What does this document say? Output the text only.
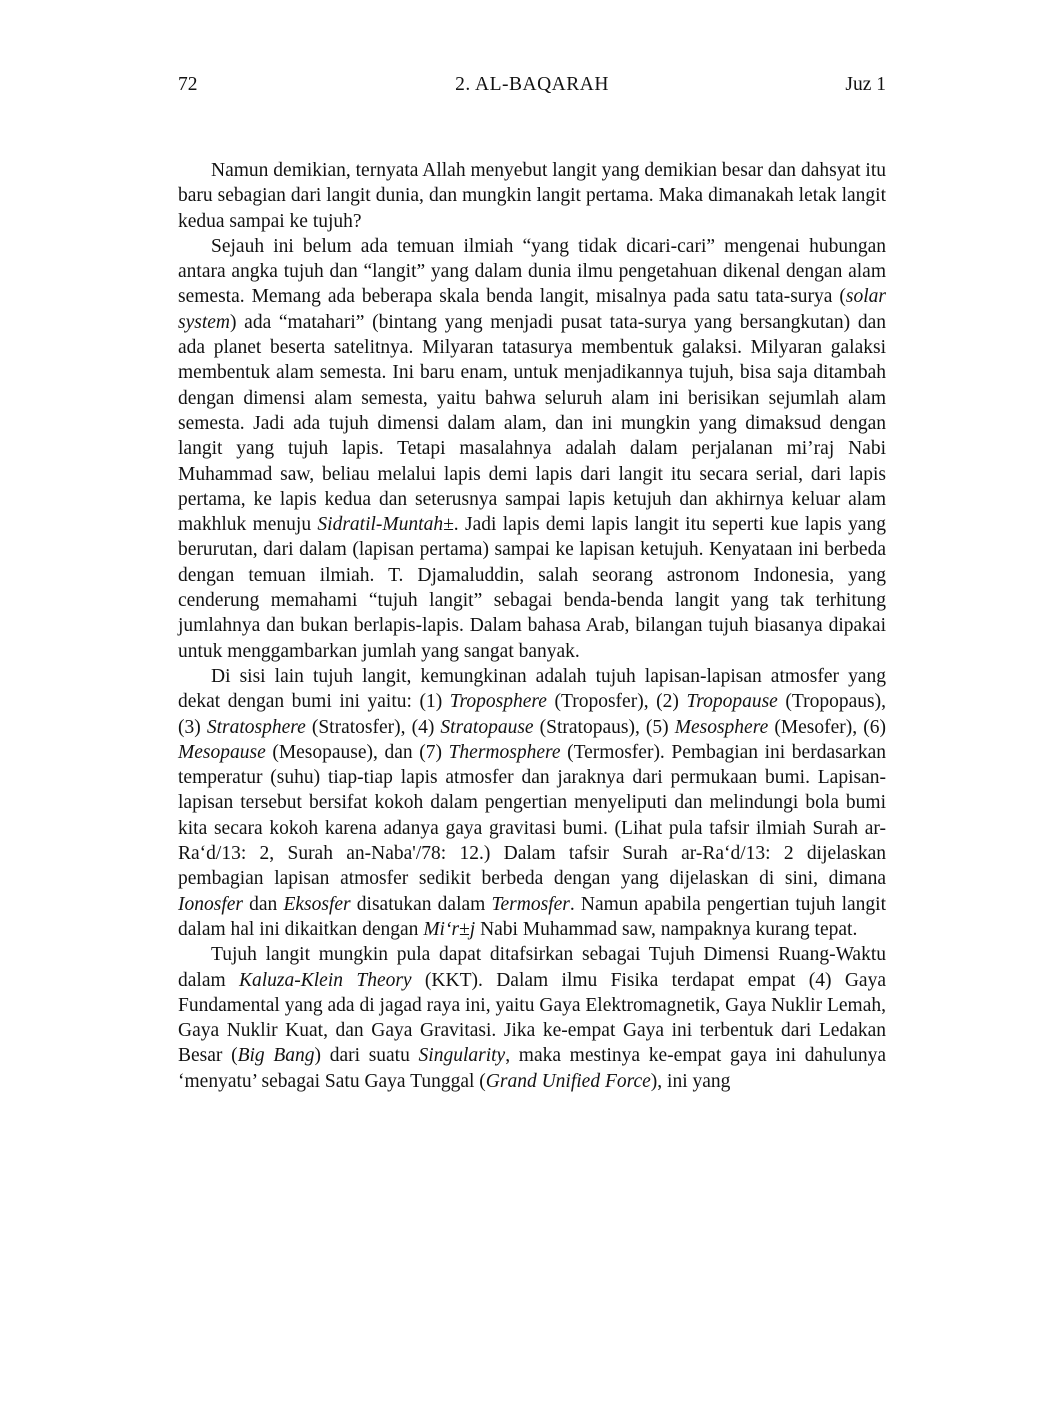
72	2. AL-BAQARAH	Juz 1

Namun demikian, ternyata Allah menyebut langit yang demikian besar dan dahsyat itu baru sebagian dari langit dunia, dan mungkin langit pertama. Maka dimanakah letak langit kedua sampai ke tujuh?

Sejauh ini belum ada temuan ilmiah “yang tidak dicari-cari” mengenai hubungan antara angka tujuh dan “langit” yang dalam dunia ilmu pengetahuan dikenal dengan alam semesta. Memang ada beberapa skala benda langit, misalnya pada satu tata-surya (solar system) ada “matahari” (bintang yang menjadi pusat tata-surya yang bersangkutan) dan ada planet beserta satelitnya. Milyaran tatasurya membentuk galaksi. Milyaran galaksi membentuk alam semesta. Ini baru enam, untuk menjadikannya tujuh, bisa saja ditambah dengan dimensi alam semesta, yaitu bahwa seluruh alam ini berisikan sejumlah alam semesta. Jadi ada tujuh dimensi dalam alam, dan ini mungkin yang dimaksud dengan langit yang tujuh lapis. Tetapi masalahnya adalah dalam perjalanan mi’raj Nabi Muhammad saw, beliau melalui lapis demi lapis dari langit itu secara serial, dari lapis pertama, ke lapis kedua dan seterusnya sampai lapis ketujuh dan akhirnya keluar alam makhluk menuju Sidratil-Muntah±. Jadi lapis demi lapis langit itu seperti kue lapis yang berurutan, dari dalam (lapisan pertama) sampai ke lapisan ketujuh. Kenyataan ini berbeda dengan temuan ilmiah. T. Djamaluddin, salah seorang astronom Indonesia, yang cenderung memahami “tujuh langit” sebagai benda-benda langit yang tak terhitung jumlahnya dan bukan berlapis-lapis. Dalam bahasa Arab, bilangan tujuh biasanya dipakai untuk menggambarkan jumlah yang sangat banyak.

Di sisi lain tujuh langit, kemungkinan adalah tujuh lapisan-lapisan atmosfer yang dekat dengan bumi ini yaitu: (1) Troposphere (Troposfer), (2) Tropopause (Tropopaus), (3) Stratosphere (Stratosfer), (4) Stratopause (Stratopaus), (5) Mesosphere (Mesofer), (6) Mesopause (Mesopause), dan (7) Thermosphere (Termosfer). Pembagian ini berdasarkan temperatur (suhu) tiap-tiap lapis atmosfer dan jaraknya dari permukaan bumi. Lapisan-lapisan tersebut bersifat kokoh dalam pengertian menyeliputi dan melindungi bola bumi kita secara kokoh karena adanya gaya gravitasi bumi. (Lihat pula tafsir ilmiah Surah ar-Ra‘d/13: 2, Surah an-Naba'/78: 12.) Dalam tafsir Surah ar-Ra‘d/13: 2 dijelaskan pembagian lapisan atmosfer sedikit berbeda dengan yang dijelaskan di sini, dimana Ionosfer dan Eksosfer disatukan dalam Termosfer. Namun apabila pengertian tujuh langit dalam hal ini dikaitkan dengan Mi‘r±j Nabi Muhammad saw, nampaknya kurang tepat.

Tujuh langit mungkin pula dapat ditafsirkan sebagai Tujuh Dimensi Ruang-Waktu dalam Kaluza-Klein Theory (KKT). Dalam ilmu Fisika terdapat empat (4) Gaya Fundamental yang ada di jagad raya ini, yaitu Gaya Elektromagnetik, Gaya Nuklir Lemah, Gaya Nuklir Kuat, dan Gaya Gravitasi. Jika ke-empat Gaya ini terbentuk dari Ledakan Besar (Big Bang) dari suatu Singularity, maka mestinya ke-empat gaya ini dahulunya ‘menyatu’ sebagai Satu Gaya Tunggal (Grand Unified Force), ini yang
